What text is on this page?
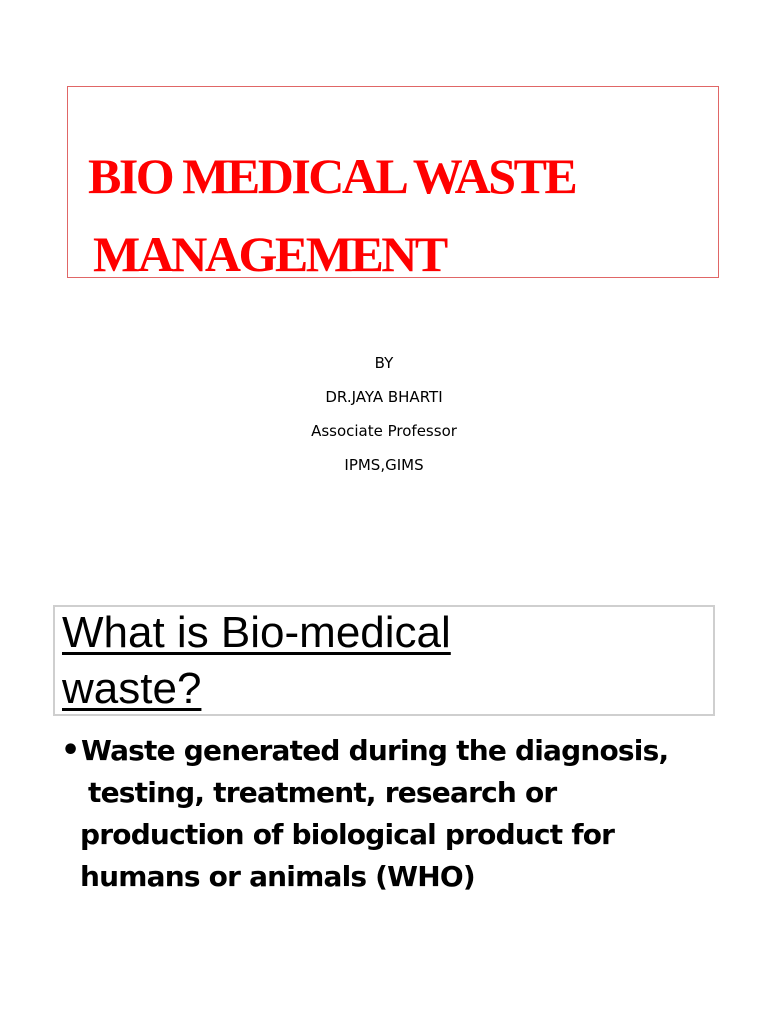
BIO MEDICAL WASTE
MANAGEMENT
BY
DR.JAYA BHARTI
Associate Professor
IPMS,GIMS
What is Bio-medical
waste?
• Waste generated during the diagnosis,
testing, treatment, research or
production of biological product for
humans or animals (WHO)
